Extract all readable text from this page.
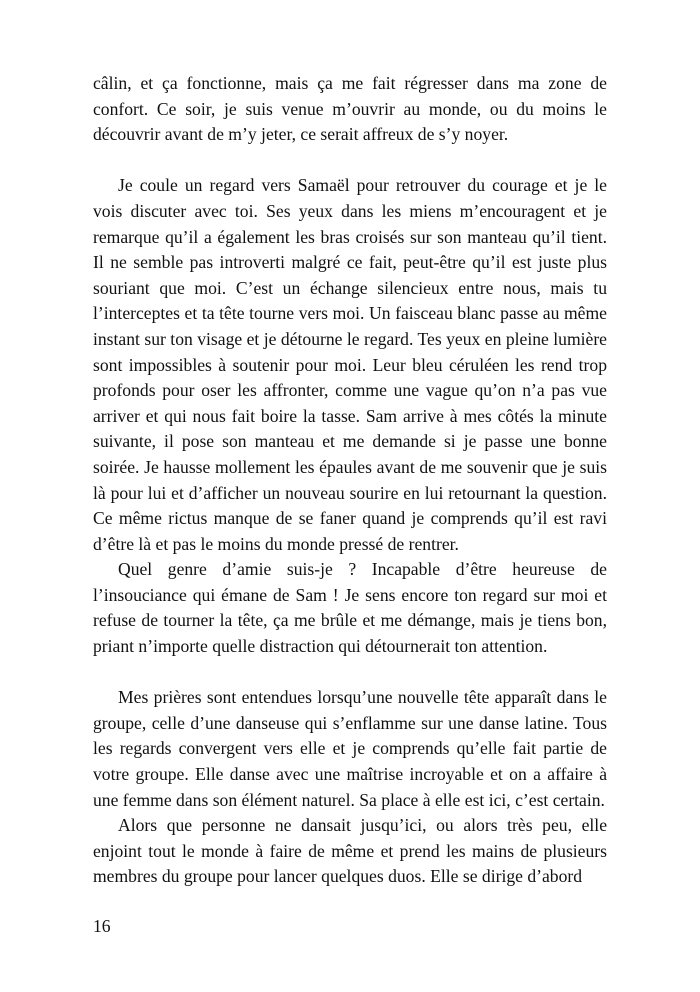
câlin, et ça fonctionne, mais ça me fait régresser dans ma zone de confort. Ce soir, je suis venue m’ouvrir au monde, ou du moins le découvrir avant de m’y jeter, ce serait affreux de s’y noyer.

Je coule un regard vers Samaël pour retrouver du courage et je le vois discuter avec toi. Ses yeux dans les miens m’encouragent et je remarque qu’il a également les bras croisés sur son manteau qu’il tient. Il ne semble pas introverti malgré ce fait, peut-être qu’il est juste plus souriant que moi. C’est un échange silencieux entre nous, mais tu l’interceptes et ta tête tourne vers moi. Un faisceau blanc passe au même instant sur ton visage et je détourne le regard. Tes yeux en pleine lumière sont impossibles à soutenir pour moi. Leur bleu céruléen les rend trop profonds pour oser les affronter, comme une vague qu’on n’a pas vue arriver et qui nous fait boire la tasse. Sam arrive à mes côtés la minute suivante, il pose son manteau et me demande si je passe une bonne soirée. Je hausse mollement les épaules avant de me souvenir que je suis là pour lui et d’afficher un nouveau sourire en lui retournant la question. Ce même rictus manque de se faner quand je comprends qu’il est ravi d’être là et pas le moins du monde pressé de rentrer.

Quel genre d’amie suis-je ? Incapable d’être heureuse de l’insouciance qui émane de Sam ! Je sens encore ton regard sur moi et refuse de tourner la tête, ça me brûle et me démange, mais je tiens bon, priant n’importe quelle distraction qui détournerait ton attention.

Mes prières sont entendues lorsqu’une nouvelle tête apparaît dans le groupe, celle d’une danseuse qui s’enflamme sur une danse latine. Tous les regards convergent vers elle et je comprends qu’elle fait partie de votre groupe. Elle danse avec une maîtrise incroyable et on a affaire à une femme dans son élément naturel. Sa place à elle est ici, c’est certain.

Alors que personne ne dansait jusqu’ici, ou alors très peu, elle enjoint tout le monde à faire de même et prend les mains de plusieurs membres du groupe pour lancer quelques duos. Elle se dirige d’abord

16
